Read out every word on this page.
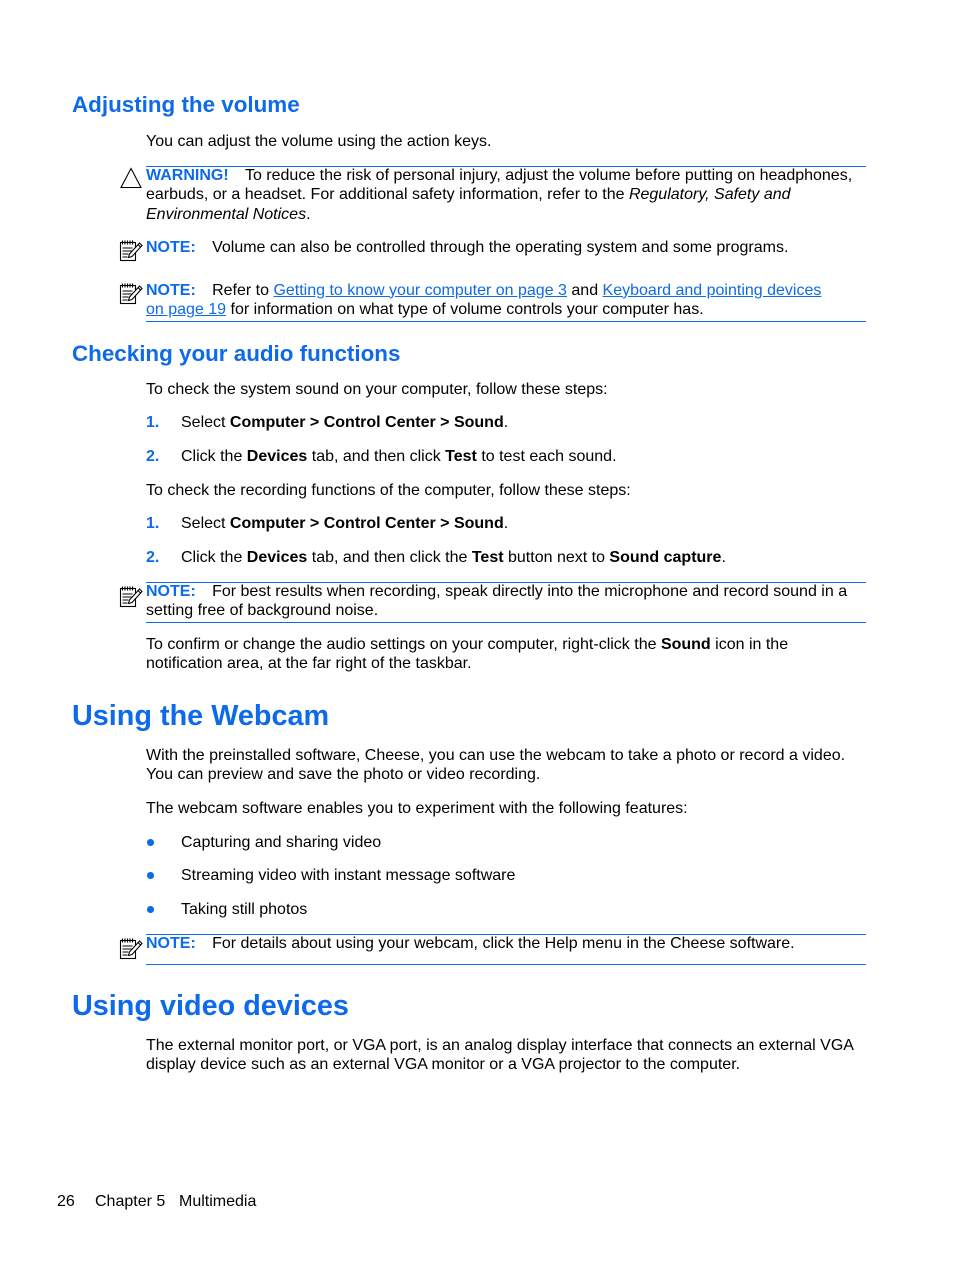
Adjusting the volume

You can adjust the volume using the action keys.

WARNING! To reduce the risk of personal injury, adjust the volume before putting on headphones, earbuds, or a headset. For additional safety information, refer to the Regulatory, Safety and Environmental Notices.

NOTE: Volume can also be controlled through the operating system and some programs.

NOTE: Refer to Getting to know your computer on page 3 and Keyboard and pointing devices
on page 19 for information on what type of volume controls your computer has.

Checking your audio functions

To check the system sound on your computer, follow these steps:

1. Select Computer > Control Center > Sound.
2. Click the Devices tab, and then click Test to test each sound.

To check the recording functions of the computer, follow these steps:

1. Select Computer > Control Center > Sound.
2. Click the Devices tab, and then click the Test button next to Sound capture.

NOTE: For best results when recording, speak directly into the microphone and record sound in a setting free of background noise.

To confirm or change the audio settings on your computer, right-click the Sound icon in the notification area, at the far right of the taskbar.

Using the Webcam

With the preinstalled software, Cheese, you can use the webcam to take a photo or record a video. You can preview and save the photo or video recording.

The webcam software enables you to experiment with the following features:

Capturing and sharing video
Streaming video with instant message software
Taking still photos

NOTE: For details about using your webcam, click the Help menu in the Cheese software.

Using video devices

The external monitor port, or VGA port, is an analog display interface that connects an external VGA display device such as an external VGA monitor or a VGA projector to the computer.

26 Chapter 5 Multimedia
